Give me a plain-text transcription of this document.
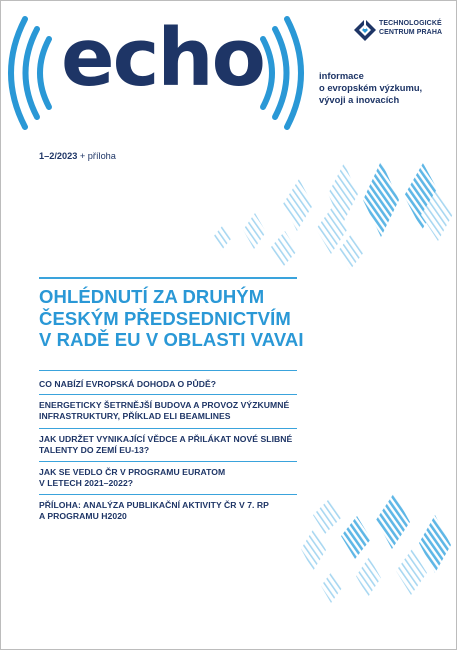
echo	informace
o evropském výzkumu,
vývoji a inovacích
TECHNOLOGICKÉ
CENTRUM PRAHA
1–2/2023 + příloha
OHLÉDNUTÍ ZA DRUHÝM
ČESKÝM PŘEDSEDNICTVÍM
V RADĚ EU V OBLASTI VAVAI
CO NABÍZÍ EVROPSKÁ DOHODA O PŮDĚ?
ENERGETICKY ŠETRNĚJŠÍ BUDOVA A PROVOZ VÝZKUMNÉ
INFRASTRUKTURY, PŘÍKLAD ELI BEAMLINES
JAK UDRŽET VYNIKAJÍCÍ VĚDCE A PŘILÁKAT NOVÉ SLIBNÉ
TALENTY DO ZEMÍ EU-13?
JAK SE VEDLO ČR V PROGRAMU EURATOM
V LETECH 2021–2022?
PŘÍLOHA: ANALÝZA PUBLIKAČNÍ AKTIVITY ČR V 7. RP
A PROGRAMU H2020
